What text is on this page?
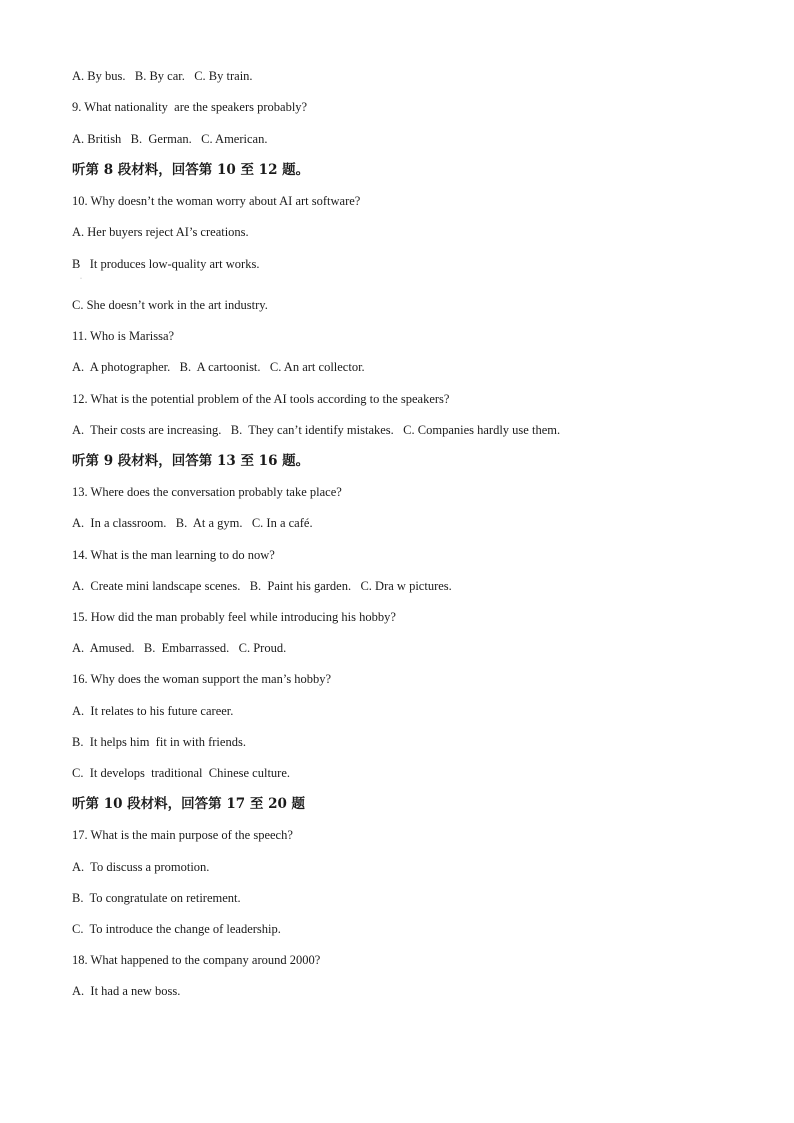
A. By bus.   B. By car.   C. By train.
9. What nationality  are the speakers probably?
A. British   B.  German.   C. American.
听第 8 段材料，回答第 10 至 12 题。
10. Why doesn’t the woman worry about AI art software?
A. Her buyers reject AI’s creations.
B   It produces low-quality art works.
·
C. She doesn’t work in the art industry.
11. Who is Marissa?
A.  A photographer.   B.  A cartoonist.   C. An art collector.
12. What is the potential problem of the AI tools according to the speakers?
A.  Their costs are increasing.   B.  They can’t identify mistakes.   C. Companies hardly use them.
听第 9 段材料，回答第 13 至 16 题。
13. Where does the conversation probably take place?
A.  In a classroom.   B.  At a gym.   C. In a café.
14. What is the man learning to do now?
A.  Create mini landscape scenes.   B.  Paint his garden.   C. Dra w pictures.
15. How did the man probably feel while introducing his hobby?
A.  Amused.   B.  Embarrassed.   C. Proud.
16. Why does the woman support the man’s hobby?
A.  It relates to his future career.
B.  It helps him  fit in with friends.
C.  It develops  traditional  Chinese culture.
听第 10 段材料，回答第 17 至 20 题
17. What is the main purpose of the speech?
A.  To discuss a promotion.
B.  To congratulate on retirement.
C.  To introduce the change of leadership.
18. What happened to the company around 2000?
A.  It had a new boss.
